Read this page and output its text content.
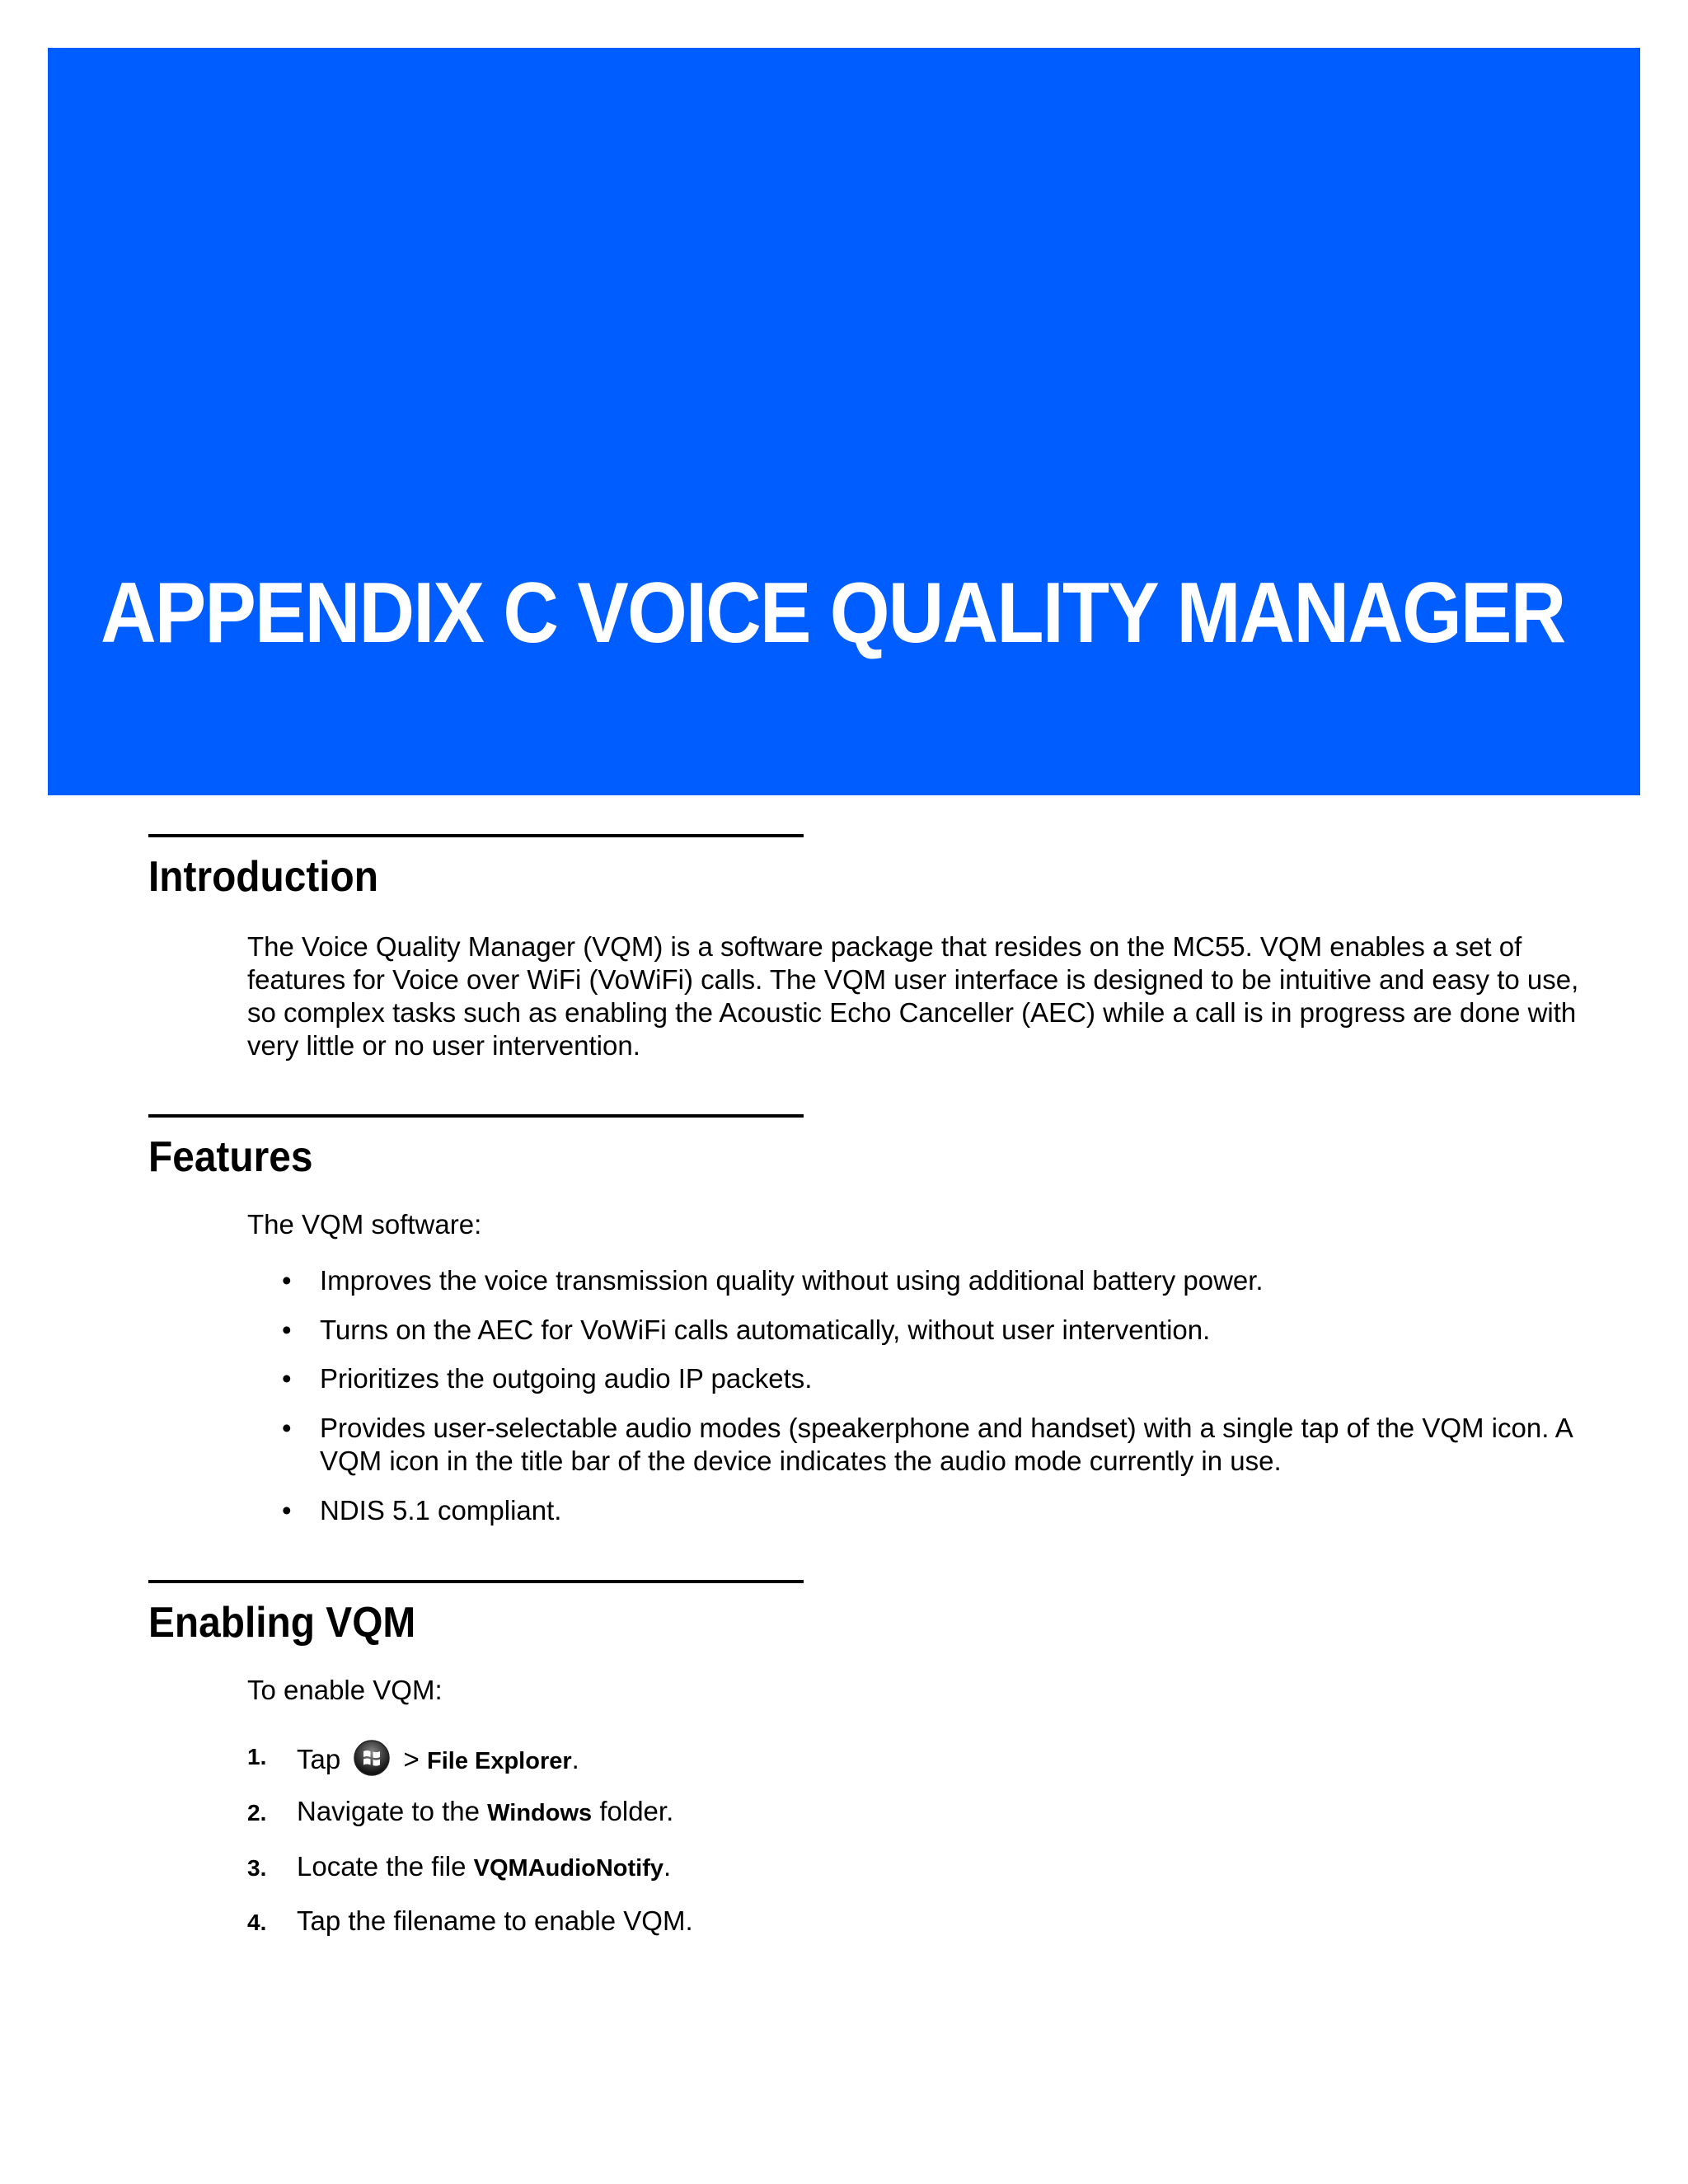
APPENDIX C VOICE QUALITY MANAGER
Introduction

The Voice Quality Manager (VQM) is a software package that resides on the MC55. VQM enables a set of features for Voice over WiFi (VoWiFi) calls. The VQM user interface is designed to be intuitive and easy to use, so complex tasks such as enabling the Acoustic Echo Canceller (AEC) while a call is in progress are done with very little or no user intervention.

Features

The VQM software:

• Improves the voice transmission quality without using additional battery power.
• Turns on the AEC for VoWiFi calls automatically, without user intervention.
• Prioritizes the outgoing audio IP packets.
• Provides user-selectable audio modes (speakerphone and handset) with a single tap of the VQM icon. A VQM icon in the title bar of the device indicates the audio mode currently in use.
• NDIS 5.1 compliant.
Enabling VQM

To enable VQM:

1. Tap  > File Explorer.
2. Navigate to the Windows folder.
3. Locate the file VQMAudioNotify.
4. Tap the filename to enable VQM.
